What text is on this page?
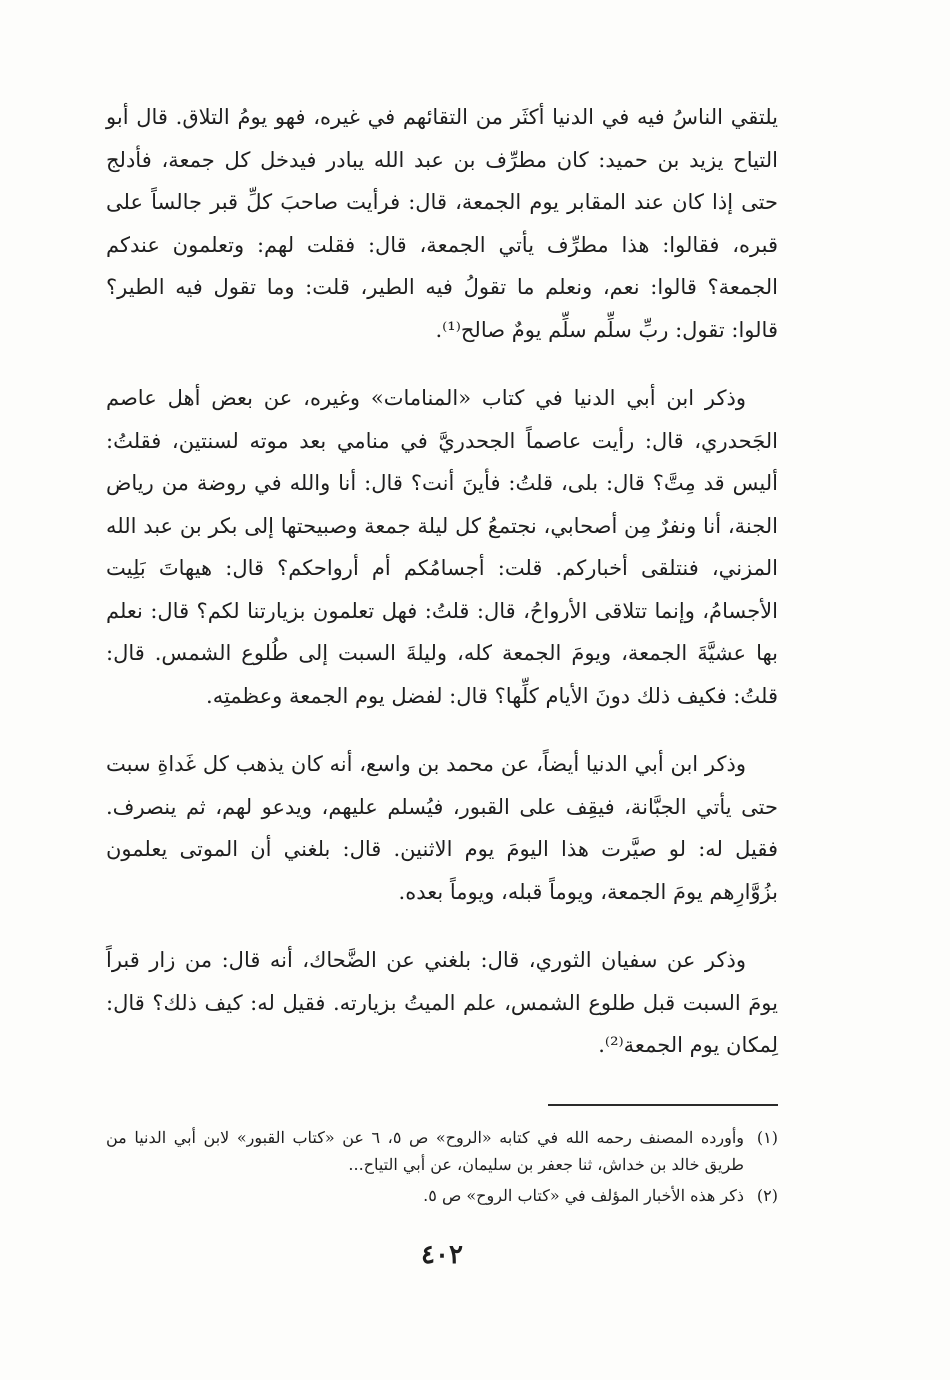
يلتقي الناسُ فيه في الدنيا أكثَر من التقائهم في غيره، فهو يومُ التلاق. قال أبو التياح يزيد بن حميد: كان مطرِّف بن عبد الله يبادر فيدخل كل جمعة، فأدلج حتى إذا كان عند المقابر يوم الجمعة، قال: فرأيت صاحبَ كلِّ قبر جالساً على قبره، فقالوا: هذا مطرِّف يأتي الجمعة، قال: فقلت لهم: وتعلمون عندكم الجمعة؟ قالوا: نعم، ونعلم ما تقولُ فيه الطير، قلت: وما تقول فيه الطير؟ قالوا: تقول: ربِّ سلِّم سلِّم يومٌ صالح⁽¹⁾.

وذكر ابن أبي الدنيا في كتاب «المنامات» وغيره، عن بعض أهل عاصم الجَحدري، قال: رأيت عاصماً الجحدريَّ في منامي بعد موته لسنتين، فقلتُ: أليس قد مِتَّ؟ قال: بلى، قلتُ: فأينَ أنت؟ قال: أنا والله في روضة من رياض الجنة، أنا ونفرٌ مِن أصحابي، نجتمعُ كل ليلة جمعة وصبيحتها إلى بكر بن عبد الله المزني، فنتلقى أخباركم. قلت: أجسامُكم أم أرواحكم؟ قال: هيهاتَ بَلِيت الأجسامُ، وإنما تتلاقى الأرواحُ، قال: قلتُ: فهل تعلمون بزيارتنا لكم؟ قال: نعلم بها عشيَّةَ الجمعة، ويومَ الجمعة كله، وليلةَ السبت إلى طُلوع الشمس. قال: قلتُ: فكيف ذلك دونَ الأيام كلِّها؟ قال: لفضل يوم الجمعة وعظمتِه.

وذكر ابن أبي الدنيا أيضاً، عن محمد بن واسع، أنه كان يذهب كل غَداةِ سبت حتى يأتي الجبَّانة، فيقِف على القبور، فيُسلم عليهم، ويدعو لهم، ثم ينصرف. فقيل له: لو صيَّرت هذا اليومَ يوم الاثنين. قال: بلغني أن الموتى يعلمون بزُوَّارِهم يومَ الجمعة، ويوماً قبله، ويوماً بعده.

وذكر عن سفيان الثوري، قال: بلغني عن الضَّحاك، أنه قال: من زار قبراً يومَ السبت قبل طلوع الشمس، علم الميتُ بزيارته. فقيل له: كيف ذلك؟ قال: لِمكان يوم الجمعة⁽²⁾.

(١)
وأورده المصنف رحمه الله في كتابه «الروح» ص ٥، ٦ عن «كتاب القبور» لابن أبي الدنيا من طريق خالد بن خداش، ثنا جعفر بن سليمان، عن أبي التياح...
(٢)
ذكر هذه الأخبار المؤلف في «كتاب الروح» ص ٥.
٤٠٢
